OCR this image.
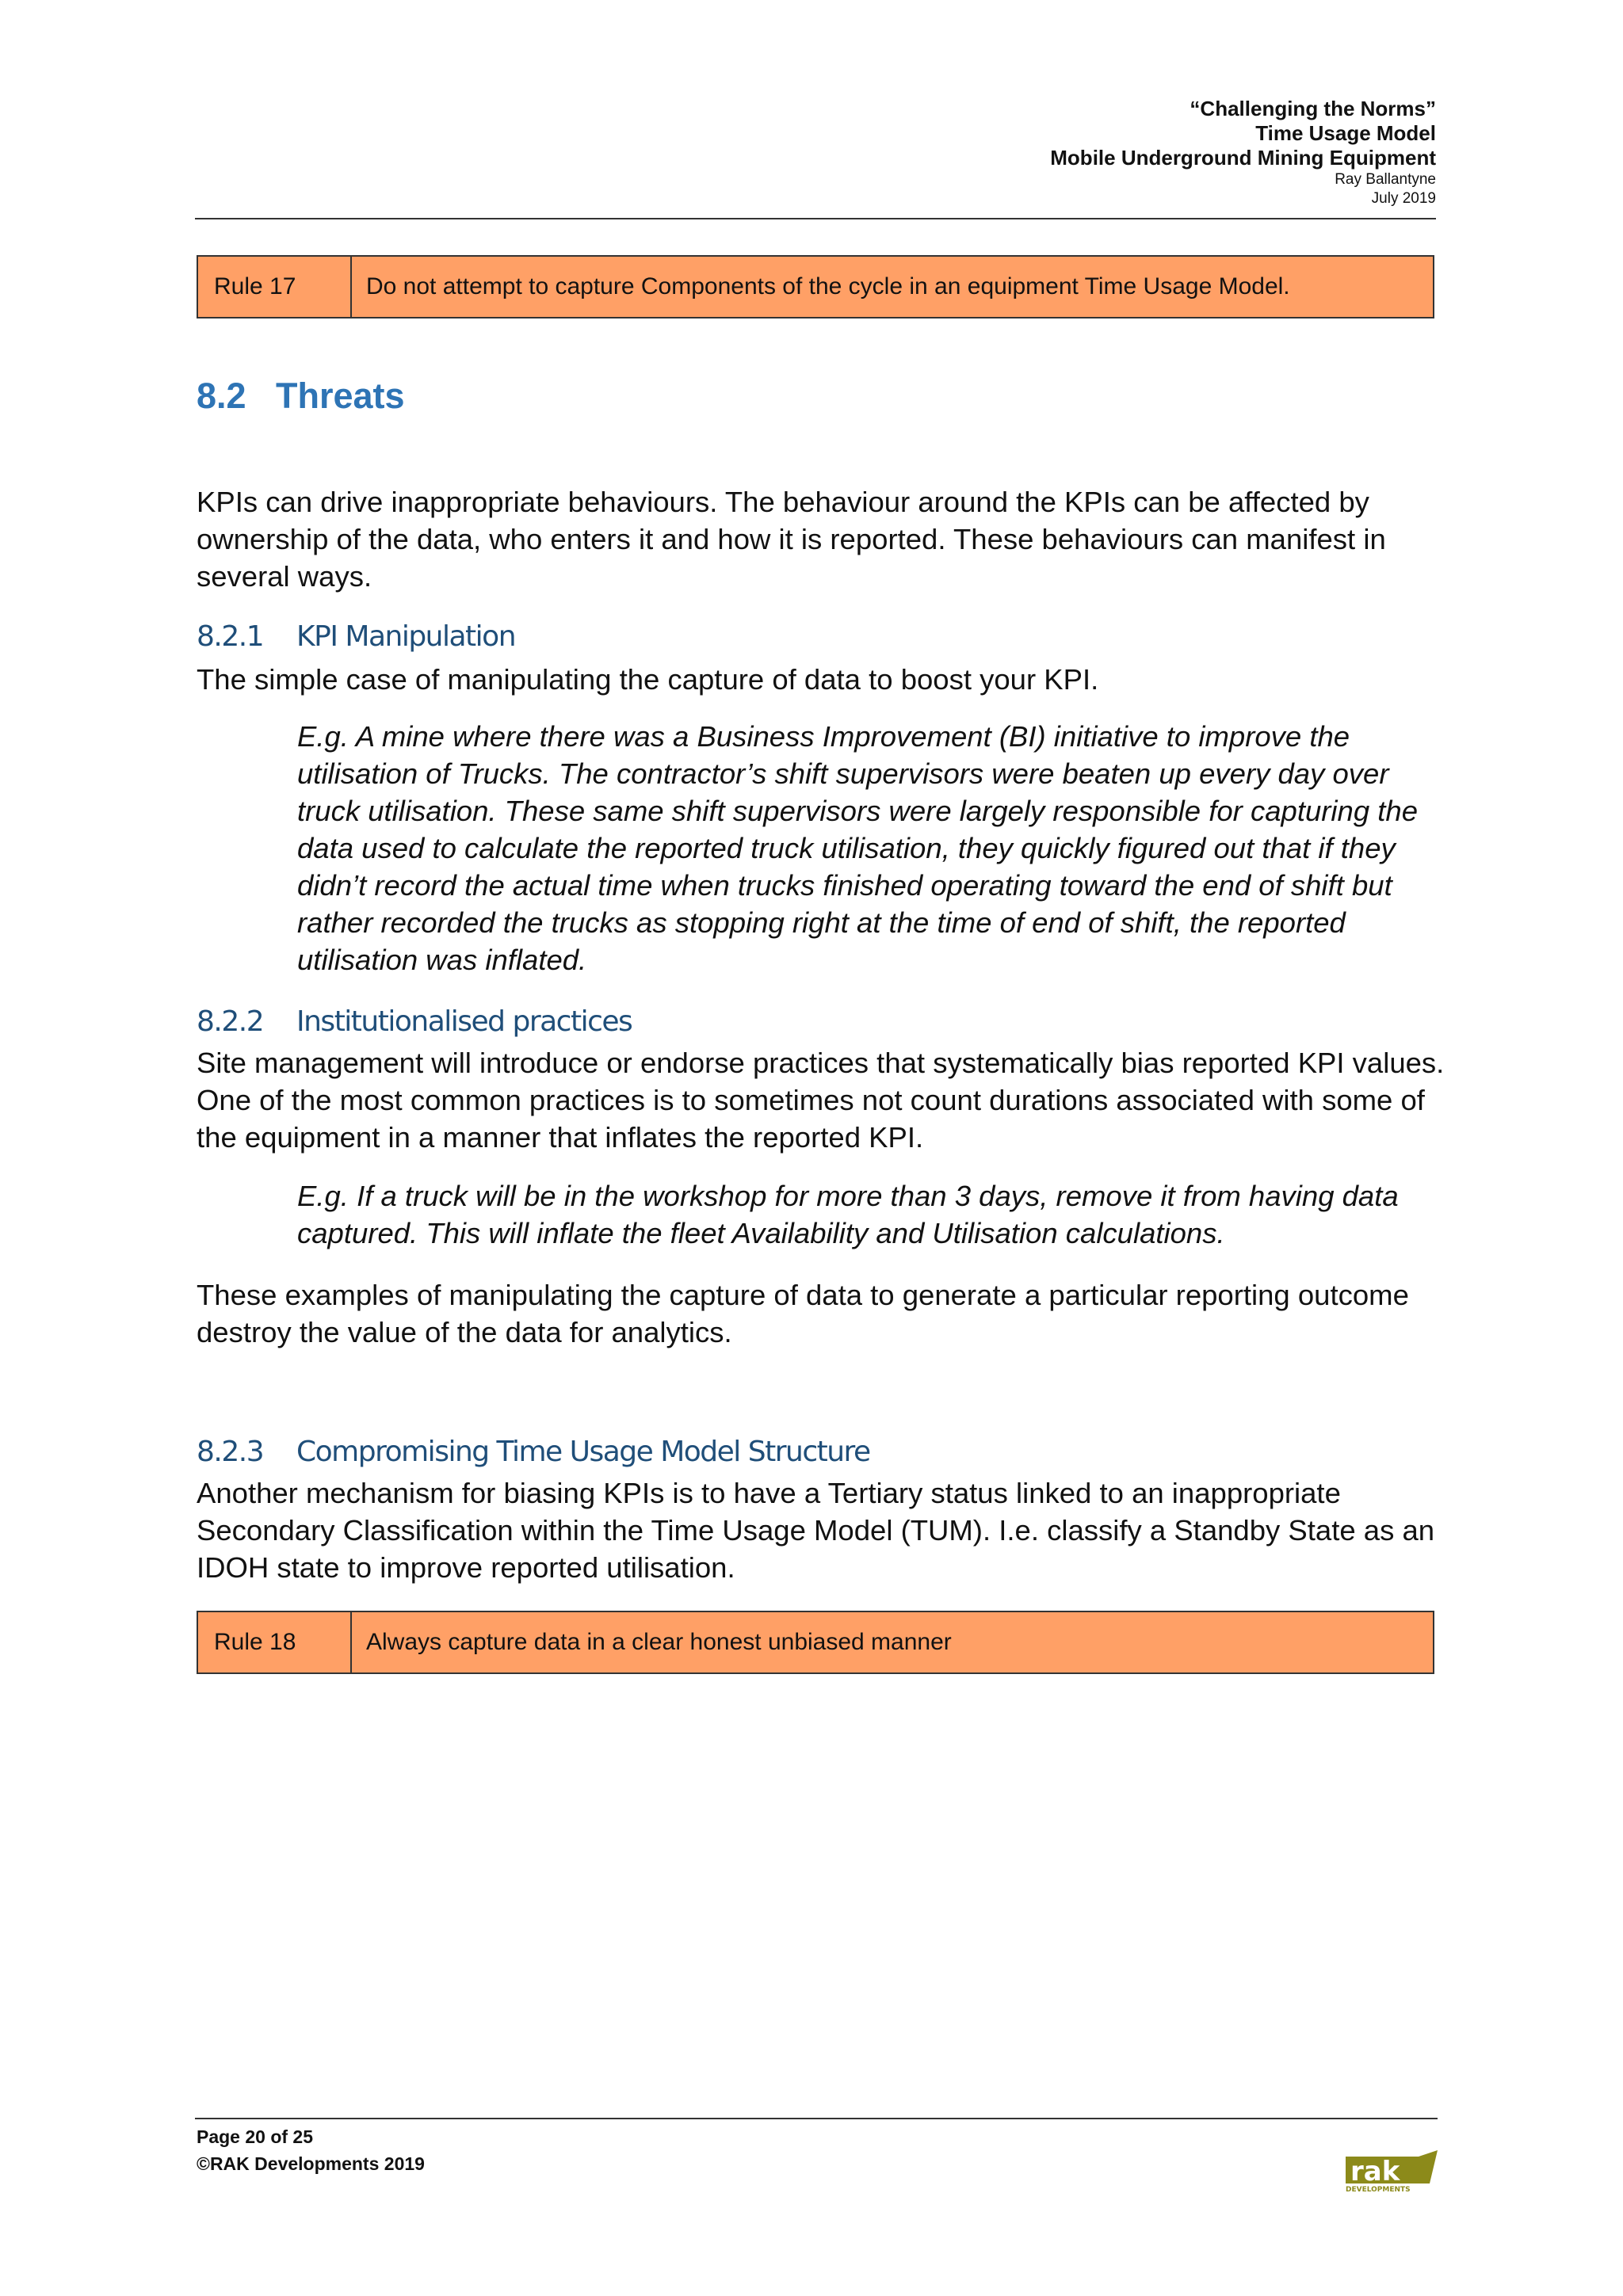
“Challenging the Norms”
Time Usage Model
Mobile Underground Mining Equipment
Ray Ballantyne
July 2019
Rule 17	Do not attempt to capture Components of the cycle in an equipment Time Usage Model.
8.2 Threats
KPIs can drive inappropriate behaviours. The behaviour around the KPIs can be affected by ownership of the data, who enters it and how it is reported. These behaviours can manifest in several ways.
8.2.1 KPI Manipulation
The simple case of manipulating the capture of data to boost your KPI.
E.g. A mine where there was a Business Improvement (BI) initiative to improve the utilisation of Trucks. The contractor’s shift supervisors were beaten up every day over truck utilisation. These same shift supervisors were largely responsible for capturing the data used to calculate the reported truck utilisation, they quickly figured out that if they didn’t record the actual time when trucks finished operating toward the end of shift but rather recorded the trucks as stopping right at the time of end of shift, the reported utilisation was inflated.
8.2.2 Institutionalised practices
Site management will introduce or endorse practices that systematically bias reported KPI values. One of the most common practices is to sometimes not count durations associated with some of the equipment in a manner that inflates the reported KPI.
E.g. If a truck will be in the workshop for more than 3 days, remove it from having data captured. This will inflate the fleet Availability and Utilisation calculations.
These examples of manipulating the capture of data to generate a particular reporting outcome destroy the value of the data for analytics.
8.2.3 Compromising Time Usage Model Structure
Another mechanism for biasing KPIs is to have a Tertiary status linked to an inappropriate Secondary Classification within the Time Usage Model (TUM). I.e. classify a Standby State as an IDOH state to improve reported utilisation.
Rule 18	Always capture data in a clear honest unbiased manner
Page 20 of 25
©RAK Developments 2019	rak
DEVELOPMENTS
